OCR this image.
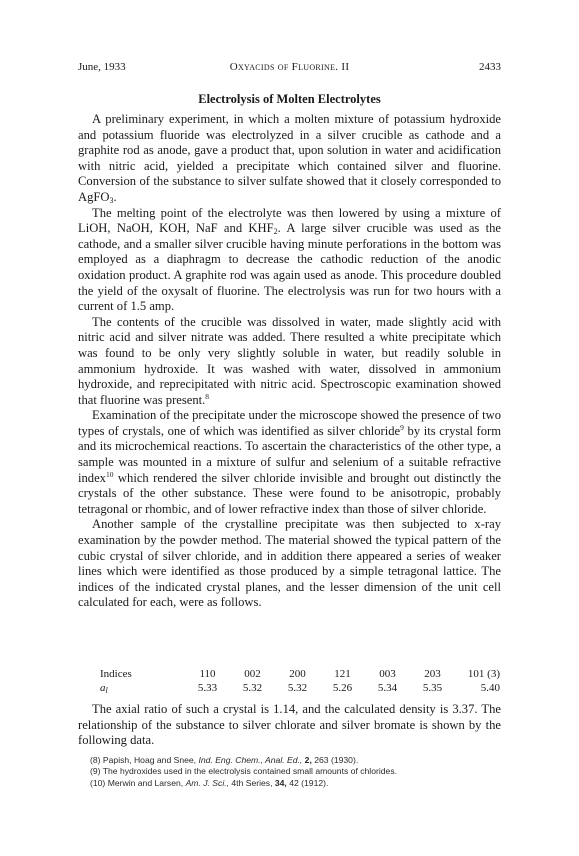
June, 1933	Oxyacids of Fluorine. II	2433
Electrolysis of Molten Electrolytes

A preliminary experiment, in which a molten mixture of potassium hydroxide and potassium fluoride was electrolyzed in a silver crucible as cathode and a graphite rod as anode, gave a product that, upon solution in water and acidification with nitric acid, yielded a precipitate which contained silver and fluorine. Conversion of the substance to silver sulfate showed that it closely corresponded to AgFO$_3$.

The melting point of the electrolyte was then lowered by using a mixture of LiOH, NaOH, KOH, NaF and $KHF_2$. A large silver crucible was used as the cathode, and a smaller silver crucible having minute perforations in the bottom was employed as a diaphragm to decrease the cathodic reduction of the anodic oxidation product. A graphite rod was again used as anode. This procedure doubled the yield of the oxysalt of fluorine. The electrolysis was run for two hours with a current of 1.5 amp.

The contents of the crucible was dissolved in water, made slightly acid with nitric acid and silver nitrate was added. There resulted a white precipitate which was found to be only very slightly soluble in water, but readily soluble in ammonium hydroxide. It was washed with water, dissolved in ammonium hydroxide, and reprecipitated with nitric acid. Spectroscopic examination showed that fluorine was present.$^8$

Examination of the precipitate under the microscope showed the presence of two types of crystals, one of which was identified as silver chloride$^9$ by its crystal form and its microchemical reactions. To ascertain the characteristics of the other type, a sample was mounted in a mixture of sulfur and selenium of a suitable refractive index$^{10}$ which rendered the silver chloride invisible and brought out distinctly the crystals of the other substance. These were found to be anisotropic, probably tetragonal or rhombic, and of lower refractive index than those of silver chloride.

Another sample of the crystalline precipitate was then subjected to x-ray examination by the powder method. The material showed the typical pattern of the cubic crystal of silver chloride, and in addition there appeared a series of weaker lines which were identified as those produced by a simple tetragonal lattice. The indices of the indicated crystal planes, and the lesser dimension of the unit cell calculated for each, were as follows.

Indices	110	002	200	121	003	203	101 (3)
$a_l$	5.33	5.32	5.32	5.26	5.34	5.35	5.40

The axial ratio of such a crystal is 1.14, and the calculated density is 3.37. The relationship of the substance to silver chlorate and silver bromate is shown by the following data.

(8) Papish, Hoag and Snee, Ind. Eng. Chem., Anal. Ed., 2, 263 (1930).
(9) The hydroxides used in the electrolysis contained small amounts of chlorides.
(10) Merwin and Larsen, Am. J. Sci., 4th Series, 34, 42 (1912).
